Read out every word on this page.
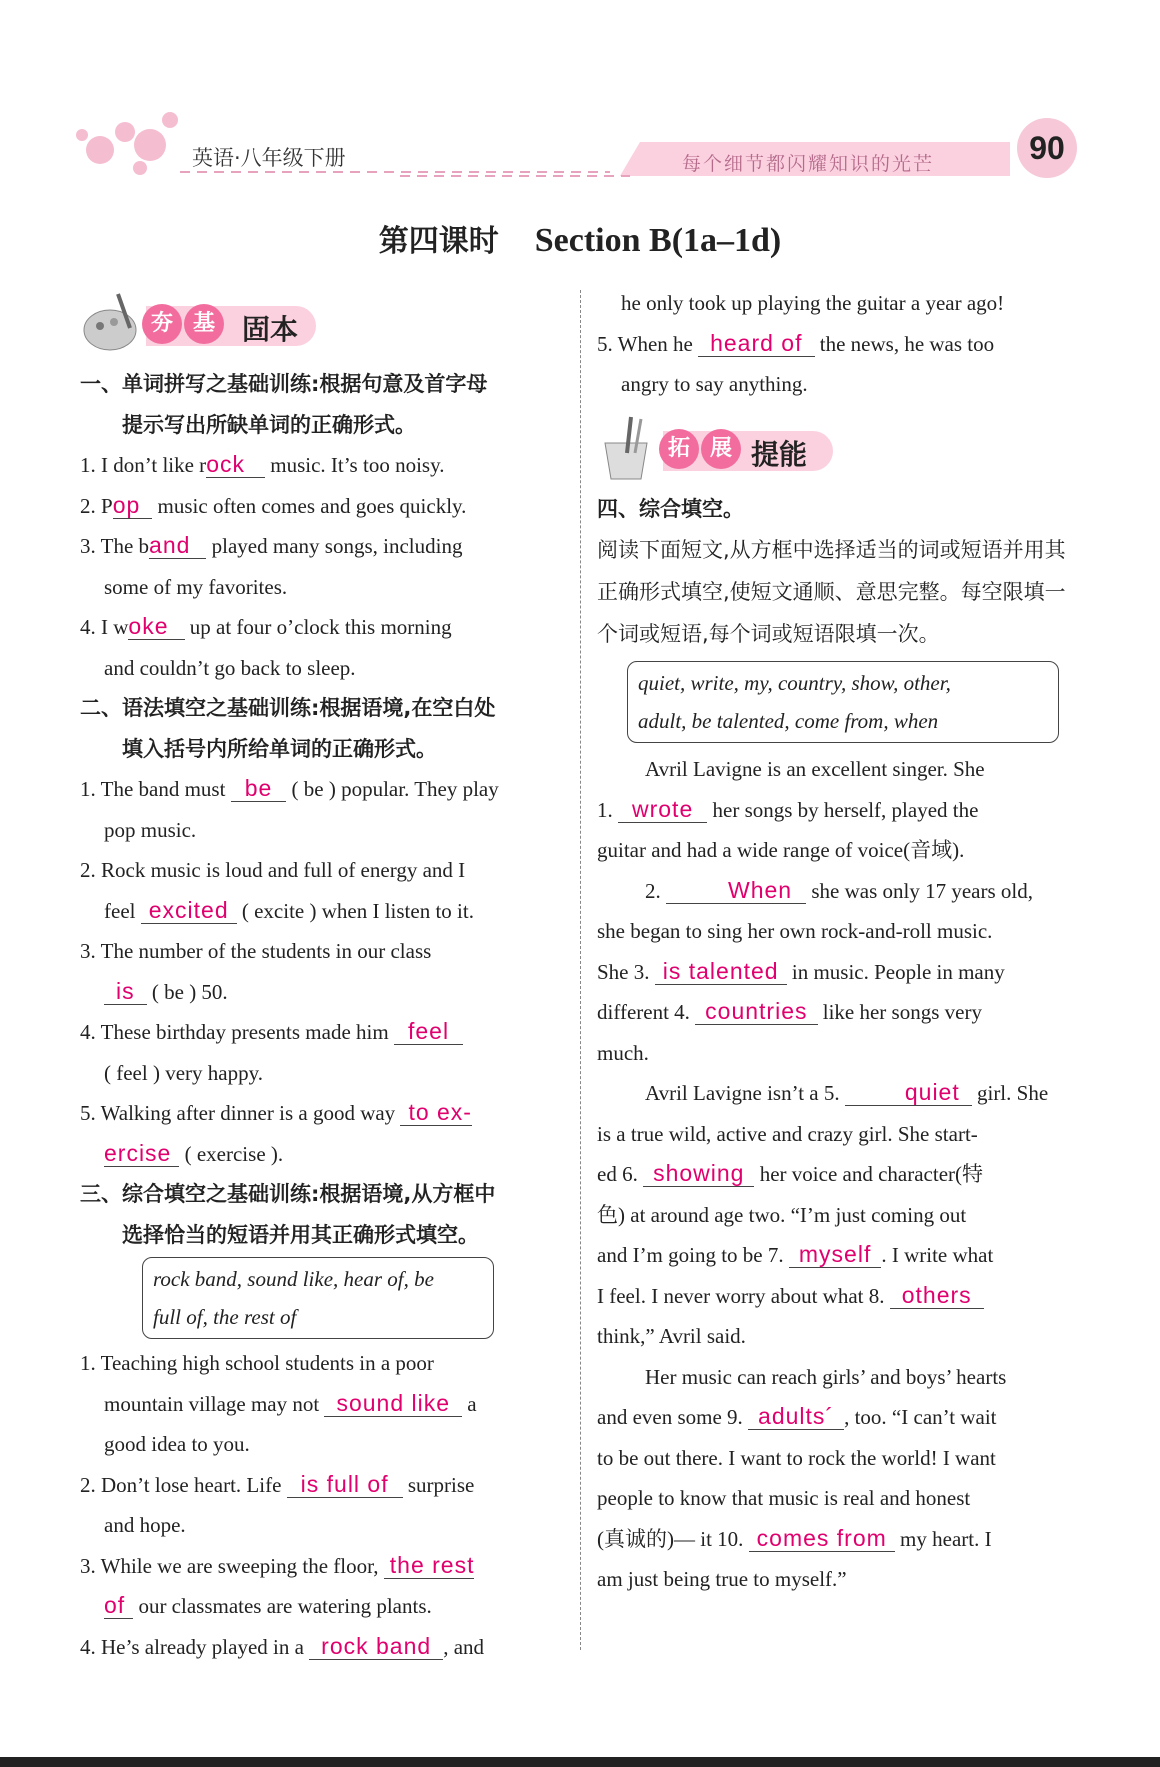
英语·八年级下册	每个细节都闪耀知识的光芒	90
第四课时 Section B(1a–1d)
夯 基 固本
一、单词拼写之基础训练:根据句意及首字母
提示写出所缺单词的正确形式。
1. I don’t like rock music. It’s too noisy.
2. Pop music often comes and goes quickly.
3. The band played many songs, including
some of my favorites.
4. I woke up at four o’clock this morning
and couldn’t go back to sleep.
二、语法填空之基础训练:根据语境,在空白处
填入括号内所给单词的正确形式。
1. The band must be ( be ) popular. They play
pop music.
2. Rock music is loud and full of energy and I
feel excited ( excite ) when I listen to it.
3. The number of the students in our class
is ( be ) 50.
4. These birthday presents made him feel
( feel ) very happy.
5. Walking after dinner is a good way to ex-
ercise ( exercise ).
三、综合填空之基础训练:根据语境,从方框中
选择恰当的短语并用其正确形式填空。
rock band, sound like, hear of, be
full of, the rest of
1. Teaching high school students in a poor
mountain village may not sound like a
good idea to you.
2. Don’t lose heart. Life is full of surprise
and hope.
3. While we are sweeping the floor, the rest
of our classmates are watering plants.
4. He’s already played in a rock band , and
he only took up playing the guitar a year ago!
5. When he heard of the news, he was too
angry to say anything.
拓 展 提能
四、综合填空。
阅读下面短文,从方框中选择适当的词或短语并用其正确形式填空,使短文通顺、意思完整。每空限填一个词或短语,每个词或短语限填一次。
quiet, write, my, country, show, other,
adult, be talented, come from, when
Avril Lavigne is an excellent singer. She
1. wrote her songs by herself, played the
guitar and had a wide range of voice(音域).
2.	When she was only 17 years old,
she began to sing her own rock-and-roll music.
She 3. is talented in music. People in many
different 4. countries like her songs very
much.
Avril Lavigne isn’t a 5.	quiet girl. She
is a true wild, active and crazy girl. She start-
ed 6. showing her voice and character(特
色) at around age two. “I’m just coming out
and I’m going to be 7. myself . I write what
I feel. I never worry about what 8. others
think,” Avril said.
Her music can reach girls’ and boys’ hearts
and even some 9. adults´ , too. “I can’t wait
to be out there. I want to rock the world! I want
people to know that music is real and honest
(真诚的)— it 10. comes from my heart. I
am just being true to myself.”
